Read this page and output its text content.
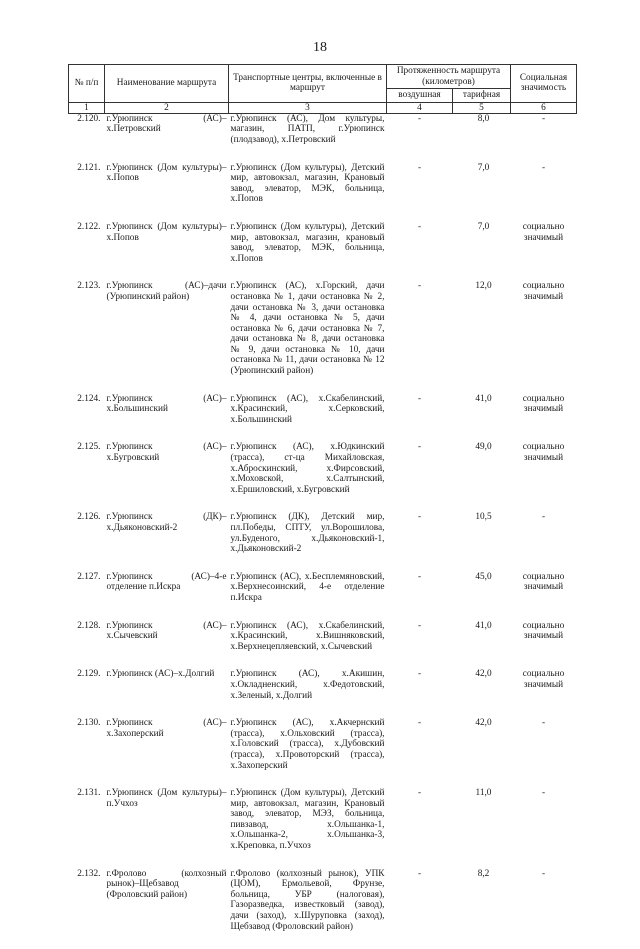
18
№ п/п	Наименование маршрута	Транспортные центры, включенные в маршрут	Протяженность маршрута (километров)		Социальная значимость
			воздушная	тарифная	
1	2	3	4	5	6
2.120.	г.Урюпинск (АС)–х.Петровский	г.Урюпинск (АС), Дом культуры, магазин, ПАТП, г.Урюпинск (плодзавод), х.Петровский	-	8,0	-
2.121.	г.Урюпинск (Дом культуры)–х.Попов	г.Урюпинск (Дом культуры), Детский мир, автовокзал, магазин, Крановый завод, элеватор, МЭК, больница, х.Попов	-	7,0	-
2.122.	г.Урюпинск (Дом культуры)–х.Попов	г.Урюпинск (Дом культуры), Детский мир, автовокзал, магазин, крановый завод, элеватор, МЭК, больница, х.Попов	-	7,0	социально значимый
2.123.	г.Урюпинск (АС)–дачи (Урюпинский район)	г.Урюпинск (АС), х.Горский, дачи остановка № 1, дачи остановка № 2, дачи остановка № 3, дачи остановка № 4, дачи остановка № 5, дачи остановка № 6, дачи остановка № 7, дачи остановка № 8, дачи остановка № 9, дачи остановка № 10, дачи остановка № 11, дачи остановка № 12 (Урюпинский район)	-	12,0	социально значимый
2.124.	г.Урюпинск (АС)–х.Большинский	г.Урюпинск (АС), х.Скабелинский, х.Красинский, х.Серковский, х.Большинский	-	41,0	социально значимый
2.125.	г.Урюпинск (АС)–х.Бугровский	г.Урюпинск (АС), х.Юдкинский (трасса), ст-ца Михайловская, х.Аброскинский, х.Фирсовский, х.Моховской, х.Салтынский, х.Ершиловский, х.Бугровский	-	49,0	социально значимый
2.126.	г.Урюпинск (ДК)–х.Дьяконовский-2	г.Урюпинск (ДК), Детский мир, пл.Победы, СПТУ, ул.Ворошилова, ул.Буденого, х.Дьяконовский-1, х.Дьяконовский-2	-	10,5	-
2.127.	г.Урюпинск (АС)–4-е отделение п.Искра	г.Урюпинск (АС), х.Бесплемяновский, х.Верхнесоинский, 4-е отделение п.Искра	-	45,0	социально значимый
2.128.	г.Урюпинск (АС)–х.Сычевский	г.Урюпинск (АС), х.Скабелинский, х.Красинский, х.Вишняковский, х.Верхнецепляевский, х.Сычевский	-	41,0	социально значимый
2.129.	г.Урюпинск (АС)–х.Долгий	г.Урюпинск (АС), х.Акишин, х.Окладненский, х.Федотовский, х.Зеленый, х.Долгий	-	42,0	социально значимый
2.130.	г.Урюпинск (АС)–х.Захоперский	г.Урюпинск (АС), х.Акчернский (трасса), х.Ольховский (трасса), х.Головский (трасса), х.Дубовский (трасса), х.Провоторский (трасса), х.Захоперский	-	42,0	-
2.131.	г.Урюпинск (Дом культуры)–п.Учхоз	г.Урюпинск (Дом культуры), Детский мир, автовокзал, магазин, Крановый завод, элеватор, МЭЗ, больница, пивзавод, х.Ольшанка-1, х.Ольшанка-2, х.Ольшанка-3, х.Креповка, п.Учхоз	-	11,0	-
2.132.	г.Фролово (колхозный рынок)–Щебзавод (Фроловский район)	г.Фролово (колхозный рынок), УПК (ЦОМ), Ермольевой, Фрунзе, больница, УБР (налоговая), Газоразведка, известковый (завод), дачи (заход), х.Шуруповка (заход), Щебзавод (Фроловский район)	-	8,2	-
